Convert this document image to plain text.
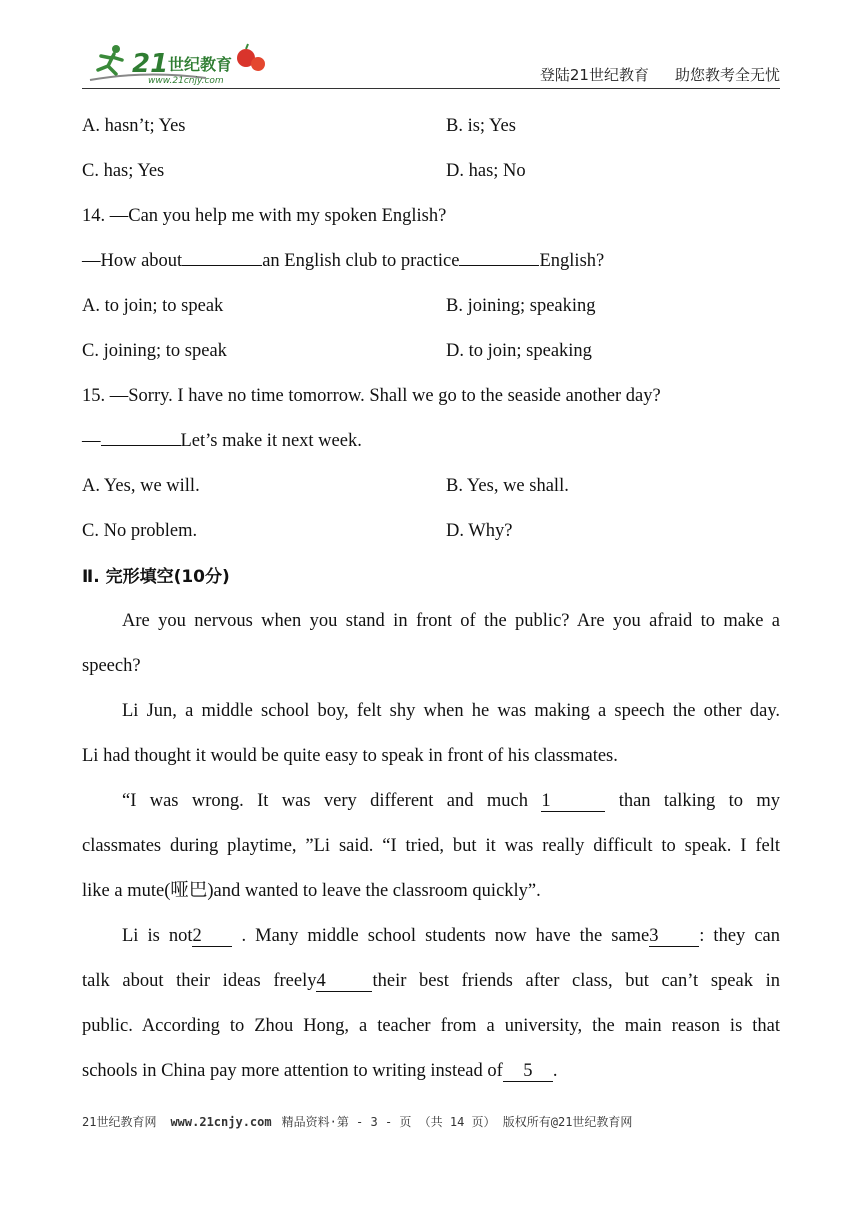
21 世纪教育
www.21cnjy.com	登陆21世纪教育 助您教考全无忧
A. hasn’t; Yes	B. is; Yes
C. has; Yes	D. has; No
14. —Can you help me with my spoken English?
—How about	an English club to practice	English?
A. to join; to speak	B. joining; speaking
C. joining; to speak	D. to join; speaking
15. —Sorry. I have no time tomorrow. Shall we go to the seaside another day?
—	Let’s make it next week.
A. Yes, we will.	B. Yes, we shall.
C. No problem.	D. Why?
Ⅱ. 完形填空(10分)
Are you nervous when you stand in front of the public? Are you afraid to make a
speech?
Li Jun, a middle school boy, felt shy when he was making a speech the other day.
Li had thought it would be quite easy to speak in front of his classmates.
“I was wrong. It was very different and much 1	than talking to my
classmates during playtime, ”Li said. “I tried, but it was really difficult to speak. I felt
like a mute(哑巴)and wanted to leave the classroom quickly”.
Li is not2 . Many middle school students now have the same3 : they can
talk about their ideas freely4	their best friends after class, but can’t speak in
public. According to Zhou Hong, a teacher from a university, the main reason is that
schools in China pay more attention to writing instead of 5 .
21世纪教育网 www.21cnjy.com 精品资料·第 - 3 - 页 （共 14 页） 版权所有@21世纪教育网
